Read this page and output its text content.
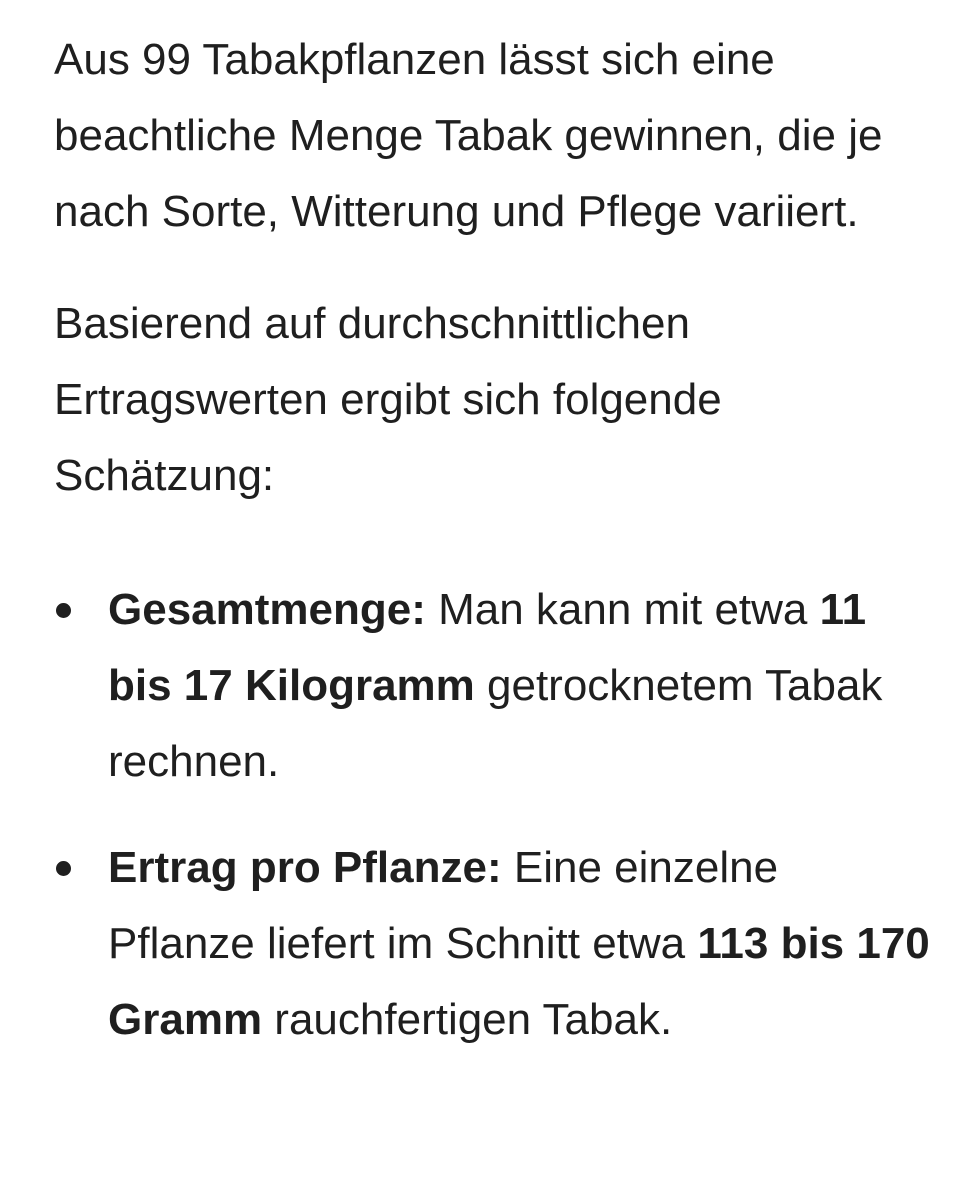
Aus 99 Tabakpflanzen lässt sich eine beachtliche Menge Tabak gewinnen, die je nach Sorte, Witterung und Pflege variiert.

Basierend auf durchschnittlichen Ertragswerten ergibt sich folgende Schätzung:

Gesamtmenge: Man kann mit etwa 11 bis 17 Kilogramm getrocknetem Tabak rechnen.
Ertrag pro Pflanze: Eine einzelne Pflanze liefert im Schnitt etwa 113 bis 170 Gramm rauchfertigen Tabak.
